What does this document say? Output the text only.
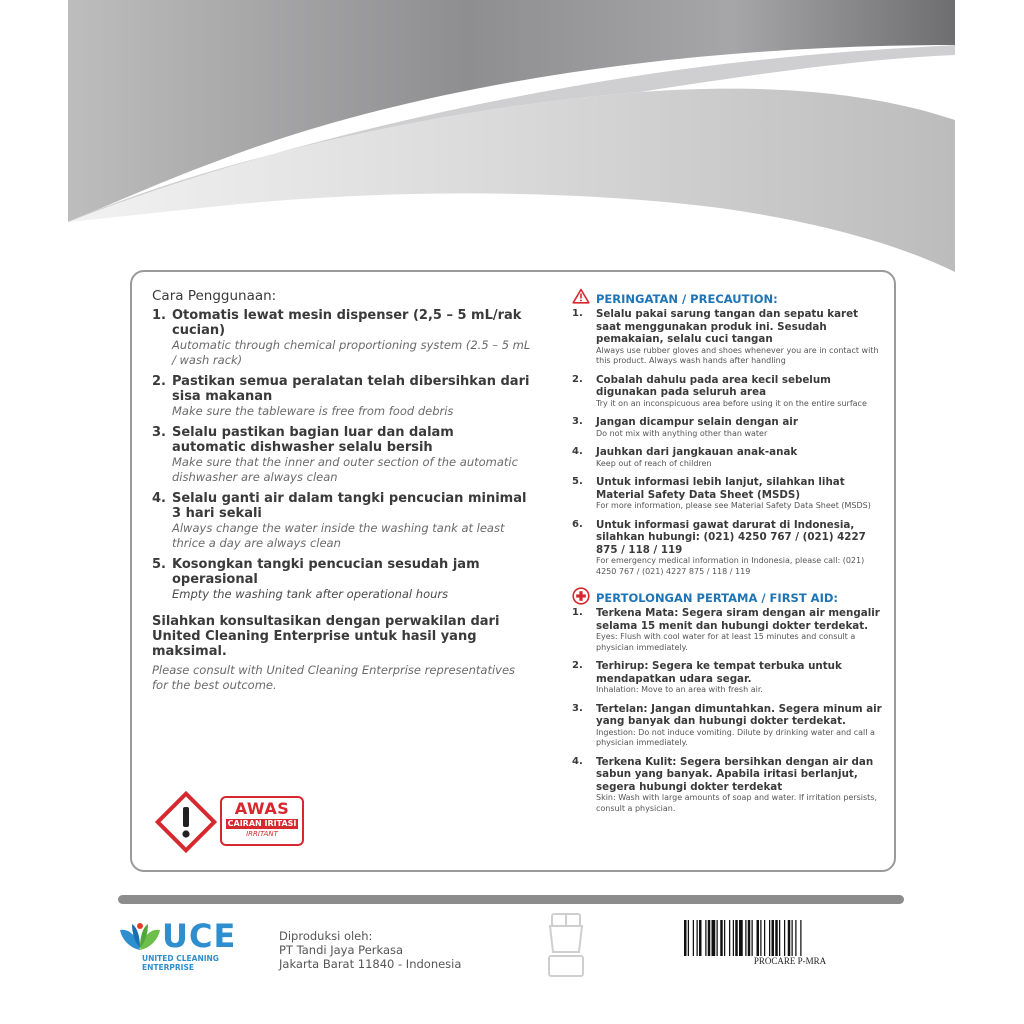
Cara Penggunaan:
1. Otomatis lewat mesin dispenser (2,5 – 5 mL/rak cucian)
Automatic through chemical proportioning system (2.5 – 5 mL / wash rack)
2. Pastikan semua peralatan telah dibersihkan dari sisa makanan
Make sure the tableware is free from food debris
3. Selalu pastikan bagian luar dan dalam automatic dishwasher selalu bersih
Make sure that the inner and outer section of the automatic dishwasher are always clean
4. Selalu ganti air dalam tangki pencucian minimal 3 hari sekali
Always change the water inside the washing tank at least thrice a day are always clean
5. Kosongkan tangki pencucian sesudah jam operasional
Empty the washing tank after operational hours
Silahkan konsultasikan dengan perwakilan dari United Cleaning Enterprise untuk hasil yang maksimal.
Please consult with United Cleaning Enterprise representatives for the best outcome.
AWAS
CAIRAN IRITASI
IRRITANT
PERINGATAN / PRECAUTION:
1. Selalu pakai sarung tangan dan sepatu karet saat menggunakan produk ini. Sesudah pemakaian, selalu cuci tangan
Always use rubber gloves and shoes whenever you are in contact with this product. Always wash hands after handling
2. Cobalah dahulu pada area kecil sebelum digunakan pada seluruh area
Try it on an inconspicuous area before using it on the entire surface
3. Jangan dicampur selain dengan air
Do not mix with anything other than water
4. Jauhkan dari jangkauan anak-anak
Keep out of reach of children
5. Untuk informasi lebih lanjut, silahkan lihat Material Safety Data Sheet (MSDS)
For more information, please see Material Safety Data Sheet (MSDS)
6. Untuk informasi gawat darurat di Indonesia, silahkan hubungi: (021) 4250 767 / (021) 4227 875 / 118 / 119
For emergency medical information in Indonesia, please call: (021) 4250 767 / (021) 4227 875 / 118 / 119
PERTOLONGAN PERTAMA / FIRST AID:
1. Terkena Mata: Segera siram dengan air mengalir selama 15 menit dan hubungi dokter terdekat.
Eyes: Flush with cool water for at least 15 minutes and consult a physician immediately.
2. Terhirup: Segera ke tempat terbuka untuk mendapatkan udara segar.
Inhalation: Move to an area with fresh air.
3. Tertelan: Jangan dimuntahkan. Segera minum air yang banyak dan hubungi dokter terdekat.
Ingestion: Do not induce vomiting. Dilute by drinking water and call a physician immediately.
4. Terkena Kulit: Segera bersihkan dengan air dan sabun yang banyak. Apabila iritasi berlanjut, segera hubungi dokter terdekat
Skin: Wash with large amounts of soap and water. If irritation persists, consult a physician.
UCE
UNITED CLEANING
ENTERPRISE
Diproduksi oleh:
PT Tandi Jaya Perkasa
Jakarta Barat 11840 - Indonesia	PROCARE P-MRA
